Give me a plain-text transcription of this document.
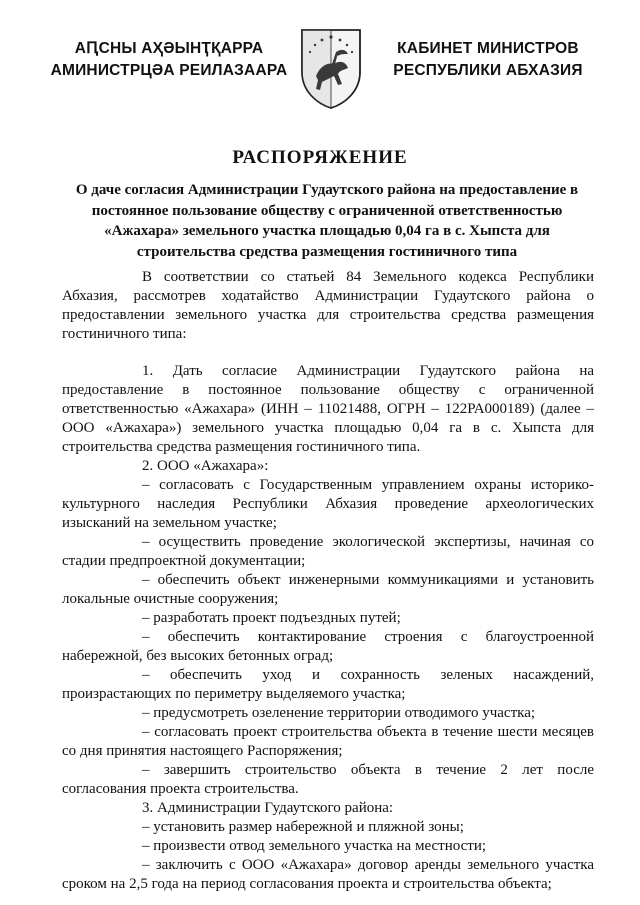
АԤСНЫ АҲӘЫНҬҚАРРА
АМИНИСТРЦӘА РЕИЛАЗААРА
КАБИНЕТ МИНИСТРОВ
РЕСПУБЛИКИ АБХАЗИЯ
РАСПОРЯЖЕНИЕ
О даче согласия Администрации Гудаутского района на предоставление в постоянное пользование обществу с ограниченной ответственностью «Ажахара» земельного участка площадью 0,04 га в с. Хыпста для строительства средства размещения гостиничного типа

В соответствии со статьей 84 Земельного кодекса Республики Абхазия, рассмотрев ходатайство Администрации Гудаутского района о предоставлении земельного участка для строительства средства размещения гостиничного типа:

1. Дать согласие Администрации Гудаутского района на предоставление в постоянное пользование обществу с ограниченной ответственностью «Ажахара» (ИНН – 11021488, ОГРН – 122РА000189) (далее – ООО «Ажахара») земельного участка площадью 0,04 га в с. Хыпста для строительства средства размещения гостиничного типа.

2. ООО «Ажахара»:

– согласовать с Государственным управлением охраны историко-культурного наследия Республики Абхазия проведение археологических изысканий на земельном участке;

– осуществить проведение экологической экспертизы, начиная со стадии предпроектной документации;

– обеспечить объект инженерными коммуникациями и установить локальные очистные сооружения;

– разработать проект подъездных путей;

– обеспечить контактирование строения с благоустроенной набережной, без высоких бетонных оград;

– обеспечить уход и сохранность зеленых насаждений, произрастающих по периметру выделяемого участка;

– предусмотреть озеленение территории отводимого участка;

– согласовать проект строительства объекта в течение шести месяцев со дня принятия настоящего Распоряжения;

– завершить строительство объекта в течение 2 лет после согласования проекта строительства.

3. Администрации Гудаутского района:

– установить размер набережной и пляжной зоны;

– произвести отвод земельного участка на местности;

– заключить с ООО «Ажахара» договор аренды земельного участка сроком на 2,5 года на период согласования проекта и строительства объекта;
